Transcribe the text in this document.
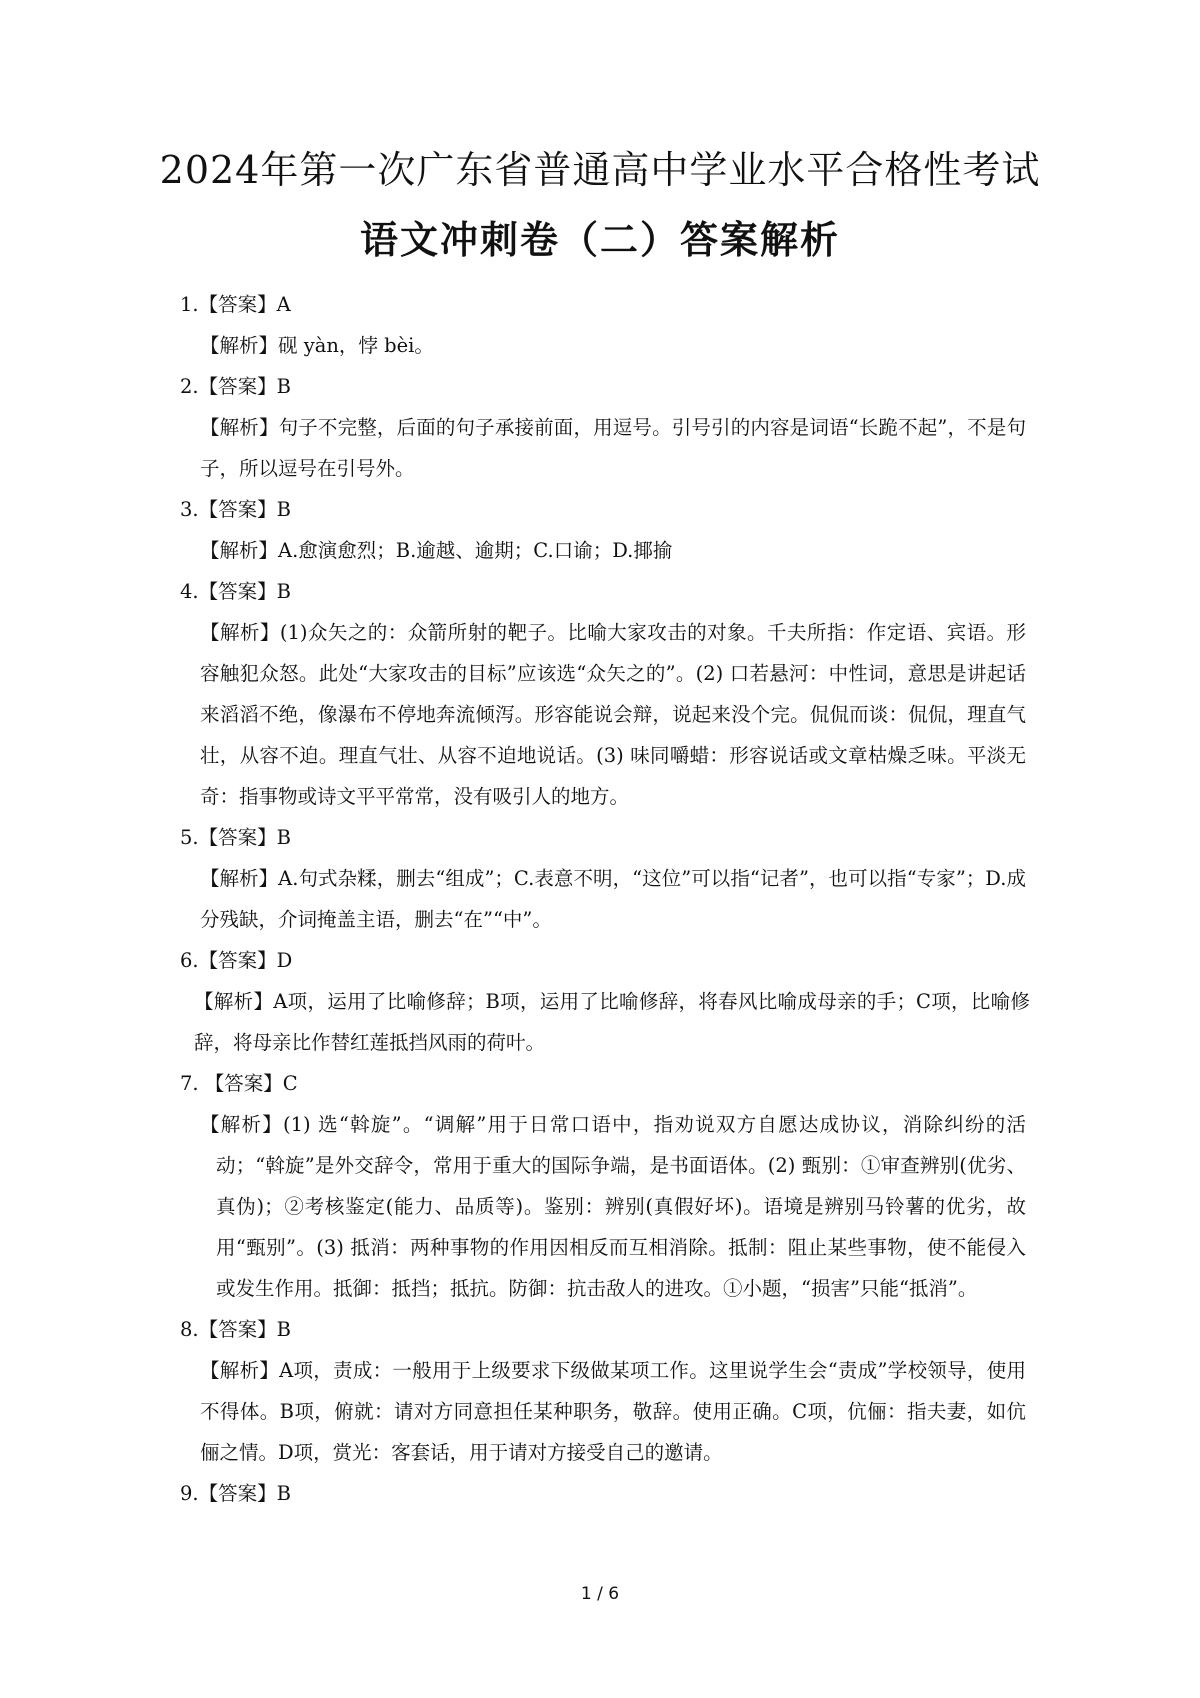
2024年第一次广东省普通高中学业水平合格性考试
语文冲刺卷（二）答案解析
1.【答案】A
【解析】砚 yàn，悖 bèi。
2.【答案】B
【解析】句子不完整，后面的句子承接前面，用逗号。引号引的内容是词语“长跪不起”，不是句子，所以逗号在引号外。
3.【答案】B
【解析】A.愈演愈烈；B.逾越、逾期；C.口谕；D.揶揄
4.【答案】B
【解析】(1)众矢之的：众箭所射的靶子。比喻大家攻击的对象。千夫所指：作定语、宾语。形容触犯众怒。此处“大家攻击的目标”应该选“众矢之的”。(2) 口若悬河：中性词，意思是讲起话来滔滔不绝，像瀑布不停地奔流倾泻。形容能说会辩，说起来没个完。侃侃而谈：侃侃，理直气壮，从容不迫。理直气壮、从容不迫地说话。(3) 味同嚼蜡：形容说话或文章枯燥乏味。平淡无奇：指事物或诗文平平常常，没有吸引人的地方。
5.【答案】B
【解析】A.句式杂糅，删去“组成”；C.表意不明，“这位”可以指“记者”，也可以指“专家”；D.成分残缺，介词掩盖主语，删去“在”“中”。
6.【答案】D
【解析】A项，运用了比喻修辞；B项，运用了比喻修辞，将春风比喻成母亲的手；C项，比喻修辞，将母亲比作替红莲抵挡风雨的荷叶。
7. 【答案】C
【解析】(1) 选“斡旋”。“调解”用于日常口语中，指劝说双方自愿达成协议，消除纠纷的活动；“斡旋”是外交辞令，常用于重大的国际争端，是书面语体。(2) 甄别：①审查辨别(优劣、真伪)；②考核鉴定(能力、品质等)。鉴别：辨别(真假好坏)。语境是辨别马铃薯的优劣，故用“甄别”。(3) 抵消：两种事物的作用因相反而互相消除。抵制：阻止某些事物，使不能侵入或发生作用。抵御：抵挡；抵抗。防御：抗击敌人的进攻。①小题，“损害”只能“抵消”。
8.【答案】B
【解析】A项，责成：一般用于上级要求下级做某项工作。这里说学生会“责成”学校领导，使用不得体。B项，俯就：请对方同意担任某种职务，敬辞。使用正确。C项，伉俪：指夫妻，如伉俪之情。D项，赏光：客套话，用于请对方接受自己的邀请。
9.【答案】B
1 / 6
